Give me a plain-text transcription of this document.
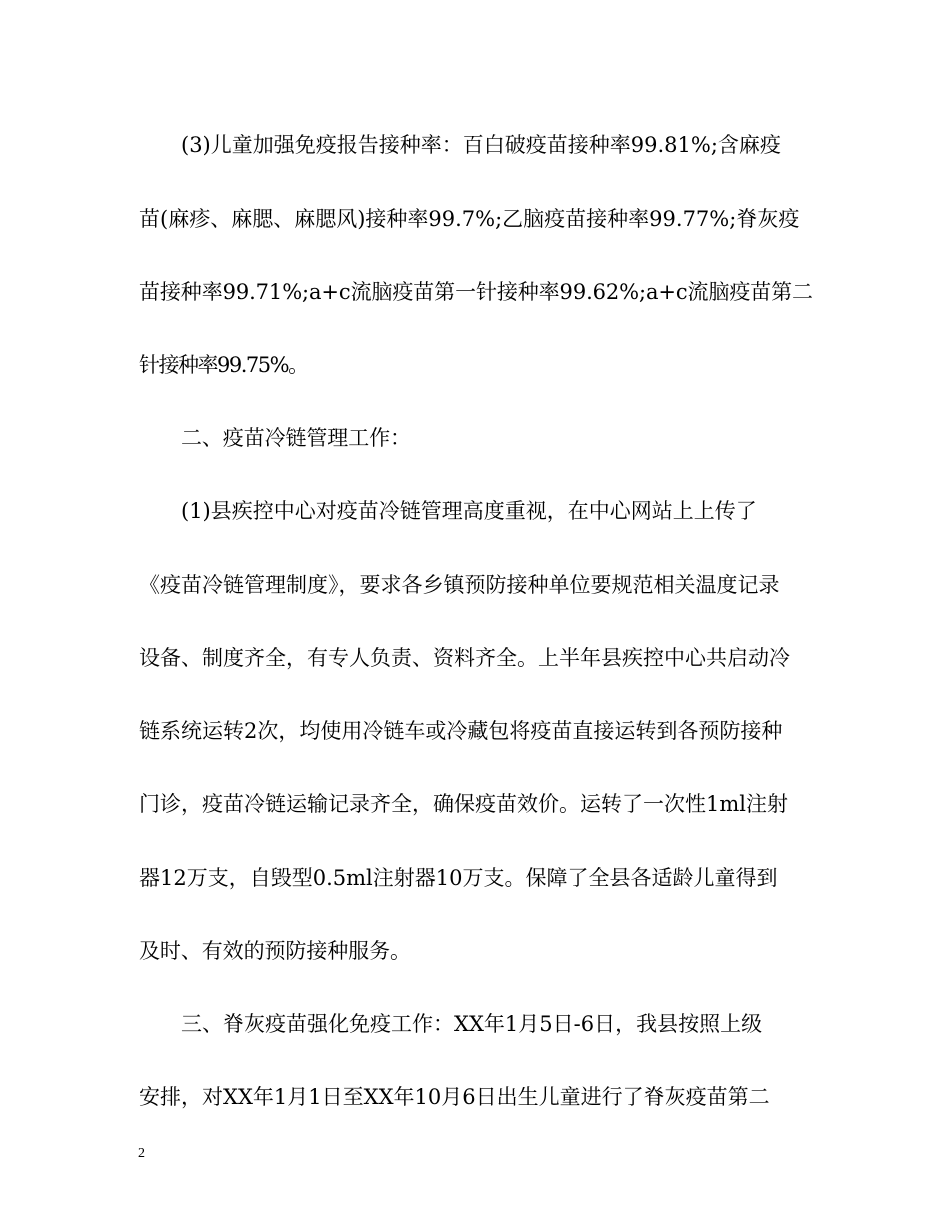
(3)儿童加强免疫报告接种率：百白破疫苗接种率99.81%;含麻疫

苗(麻疹、麻腮、麻腮风)接种率99.7%;乙脑疫苗接种率99.77%;脊灰疫

苗接种率99.71%;a+c流脑疫苗第一针接种率99.62%;a+c流脑疫苗第二

针接种率99.75%。

二、疫苗冷链管理工作：

(1)县疾控中心对疫苗冷链管理高度重视，在中心网站上上传了

《疫苗冷链管理制度》，要求各乡镇预防接种单位要规范相关温度记录

设备、制度齐全，有专人负责、资料齐全。上半年县疾控中心共启动冷

链系统运转2次，均使用冷链车或冷藏包将疫苗直接运转到各预防接种

门诊，疫苗冷链运输记录齐全，确保疫苗效价。运转了一次性1ml注射

器12万支，自毁型0.5ml注射器10万支。保障了全县各适龄儿童得到

及时、有效的预防接种服务。

三、脊灰疫苗强化免疫工作：XX年1月5日-6日，我县按照上级

安排，对XX年1月1日至XX年10月6日出生儿童进行了脊灰疫苗第二

2
